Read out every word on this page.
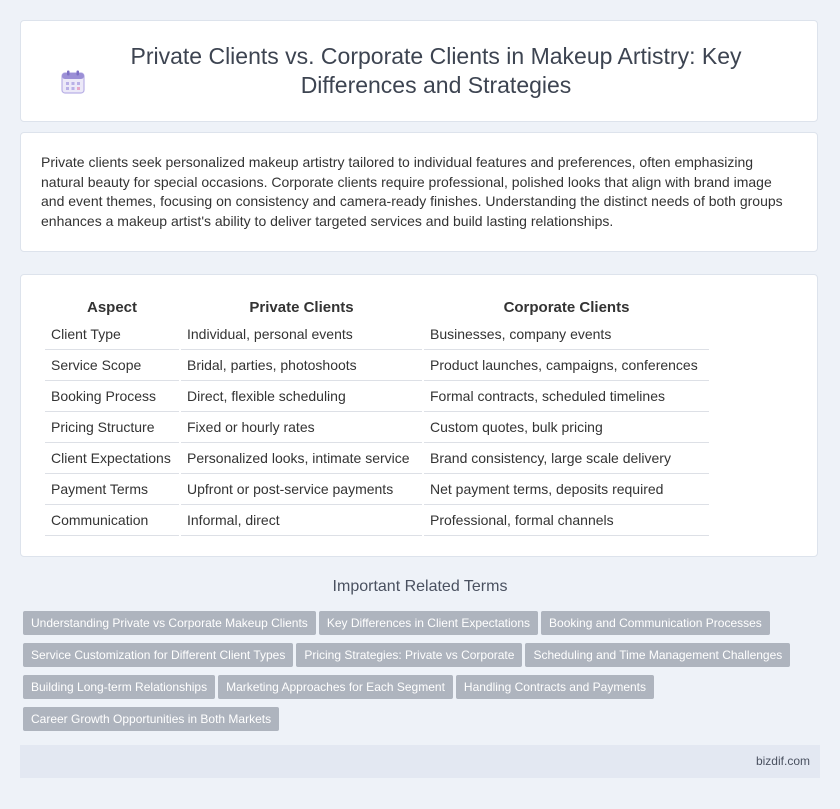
Private Clients vs. Corporate Clients in Makeup Artistry: Key Differences and Strategies

Private clients seek personalized makeup artistry tailored to individual features and preferences, often emphasizing natural beauty for special occasions. Corporate clients require professional, polished looks that align with brand image and event themes, focusing on consistency and camera-ready finishes. Understanding the distinct needs of both groups enhances a makeup artist's ability to deliver targeted services and build lasting relationships.

Aspect	Private Clients	Corporate Clients
Client Type	Individual, personal events	Businesses, company events
Service Scope	Bridal, parties, photoshoots	Product launches, campaigns, conferences
Booking Process	Direct, flexible scheduling	Formal contracts, scheduled timelines
Pricing Structure	Fixed or hourly rates	Custom quotes, bulk pricing
Client Expectations	Personalized looks, intimate service	Brand consistency, large scale delivery
Payment Terms	Upfront or post-service payments	Net payment terms, deposits required
Communication	Informal, direct	Professional, formal channels
Important Related Terms
Understanding Private vs Corporate Makeup Clients Key Differences in Client Expectations Booking and Communication Processes
Service Customization for Different Client Types Pricing Strategies: Private vs Corporate Scheduling and Time Management Challenges
Building Long-term Relationships Marketing Approaches for Each Segment Handling Contracts and Payments
Career Growth Opportunities in Both Markets
bizdif.com
